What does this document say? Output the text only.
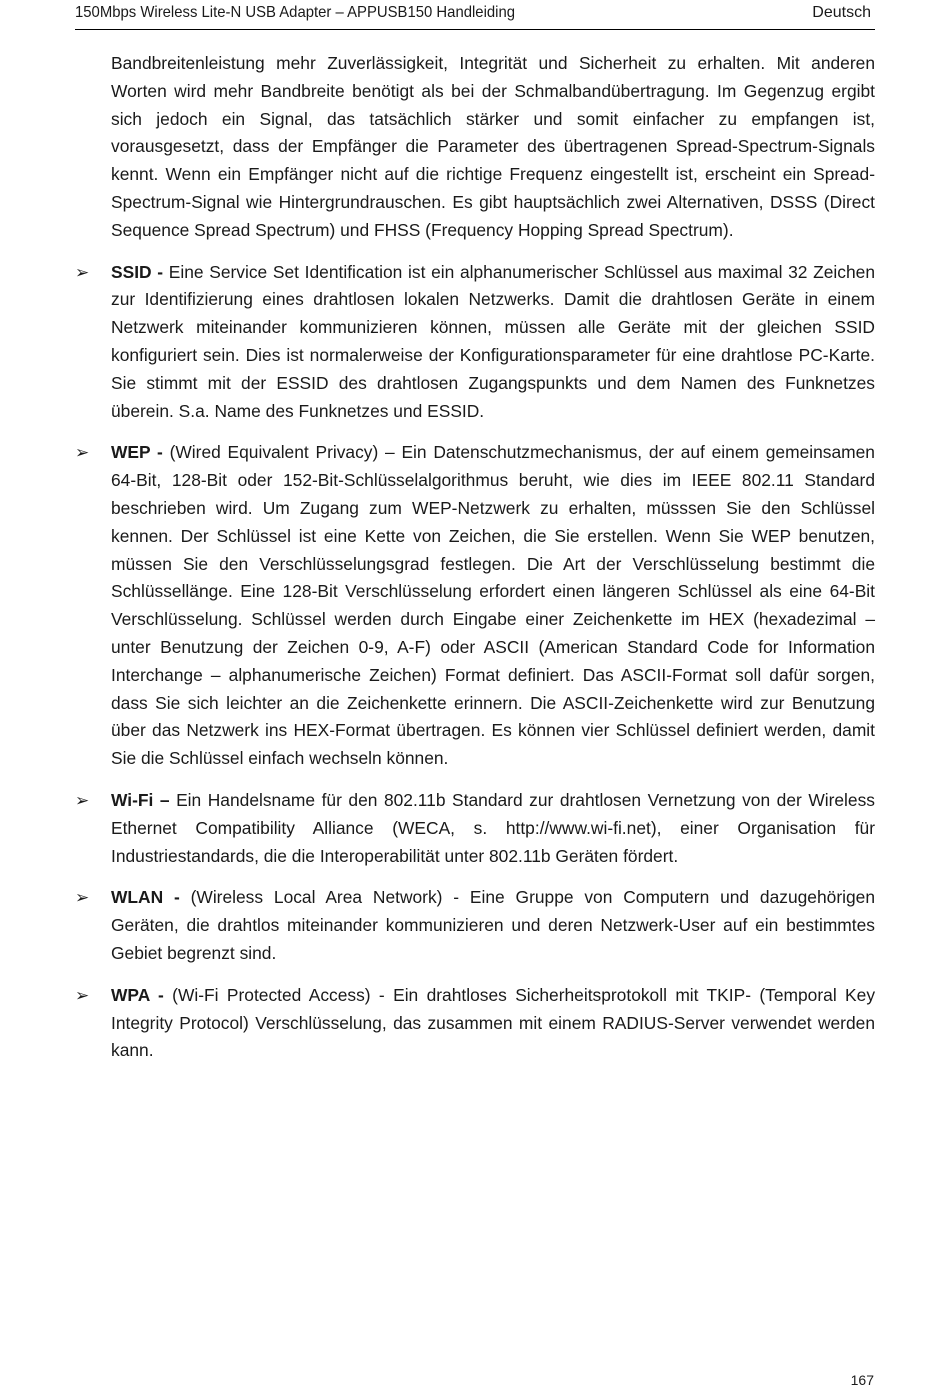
150Mbps Wireless Lite-N USB Adapter – APPUSB150 Handleiding	Deutsch

Bandbreitenleistung mehr Zuverlässigkeit, Integrität und Sicherheit zu erhalten. Mit anderen Worten wird mehr Bandbreite benötigt als bei der Schmalbandübertragung. Im Gegenzug ergibt sich jedoch ein Signal, das tatsächlich stärker und somit einfacher zu empfangen ist, vorausgesetzt, dass der Empfänger die Parameter des übertragenen Spread-Spectrum-Signals kennt. Wenn ein Empfänger nicht auf die richtige Frequenz eingestellt ist, erscheint ein Spread-Spectrum-Signal wie Hintergrundrauschen. Es gibt hauptsächlich zwei Alternativen, DSSS (Direct Sequence Spread Spectrum) und FHSS (Frequency Hopping Spread Spectrum).

➢ SSID - Eine Service Set Identification ist ein alphanumerischer Schlüssel aus maximal 32 Zeichen zur Identifizierung eines drahtlosen lokalen Netzwerks. Damit die drahtlosen Geräte in einem Netzwerk miteinander kommunizieren können, müssen alle Geräte mit der gleichen SSID konfiguriert sein. Dies ist normalerweise der Konfigurationsparameter für eine drahtlose PC-Karte. Sie stimmt mit der ESSID des drahtlosen Zugangspunkts und dem Namen des Funknetzes überein. S.a. Name des Funknetzes und ESSID.
➢ WEP - (Wired Equivalent Privacy) – Ein Datenschutzmechanismus, der auf einem gemeinsamen 64-Bit, 128-Bit oder 152-Bit-Schlüsselalgorithmus beruht, wie dies im IEEE 802.11 Standard beschrieben wird. Um Zugang zum WEP-Netzwerk zu erhalten, müsssen Sie den Schlüssel kennen. Der Schlüssel ist eine Kette von Zeichen, die Sie erstellen. Wenn Sie WEP benutzen, müssen Sie den Verschlüsselungsgrad festlegen. Die Art der Verschlüsselung bestimmt die Schlüssellänge. Eine 128-Bit Verschlüsselung erfordert einen längeren Schlüssel als eine 64-Bit Verschlüsselung. Schlüssel werden durch Eingabe einer Zeichenkette im HEX (hexadezimal – unter Benutzung der Zeichen 0-9, A-F) oder ASCII (American Standard Code for Information Interchange – alphanumerische Zeichen) Format definiert. Das ASCII-Format soll dafür sorgen, dass Sie sich leichter an die Zeichenkette erinnern. Die ASCII-Zeichenkette wird zur Benutzung über das Netzwerk ins HEX-Format übertragen. Es können vier Schlüssel definiert werden, damit Sie die Schlüssel einfach wechseln können.
➢ Wi-Fi – Ein Handelsname für den 802.11b Standard zur drahtlosen Vernetzung von der Wireless Ethernet Compatibility Alliance (WECA, s. http://www.wi-fi.net), einer Organisation für Industriestandards, die die Interoperabilität unter 802.11b Geräten fördert.
➢ WLAN - (Wireless Local Area Network) - Eine Gruppe von Computern und dazugehörigen Geräten, die drahtlos miteinander kommunizieren und deren Netzwerk-User auf ein bestimmtes Gebiet begrenzt sind.
➢ WPA - (Wi-Fi Protected Access) - Ein drahtloses Sicherheitsprotokoll mit TKIP- (Temporal Key Integrity Protocol) Verschlüsselung, das zusammen mit einem RADIUS-Server verwendet werden kann.
167
